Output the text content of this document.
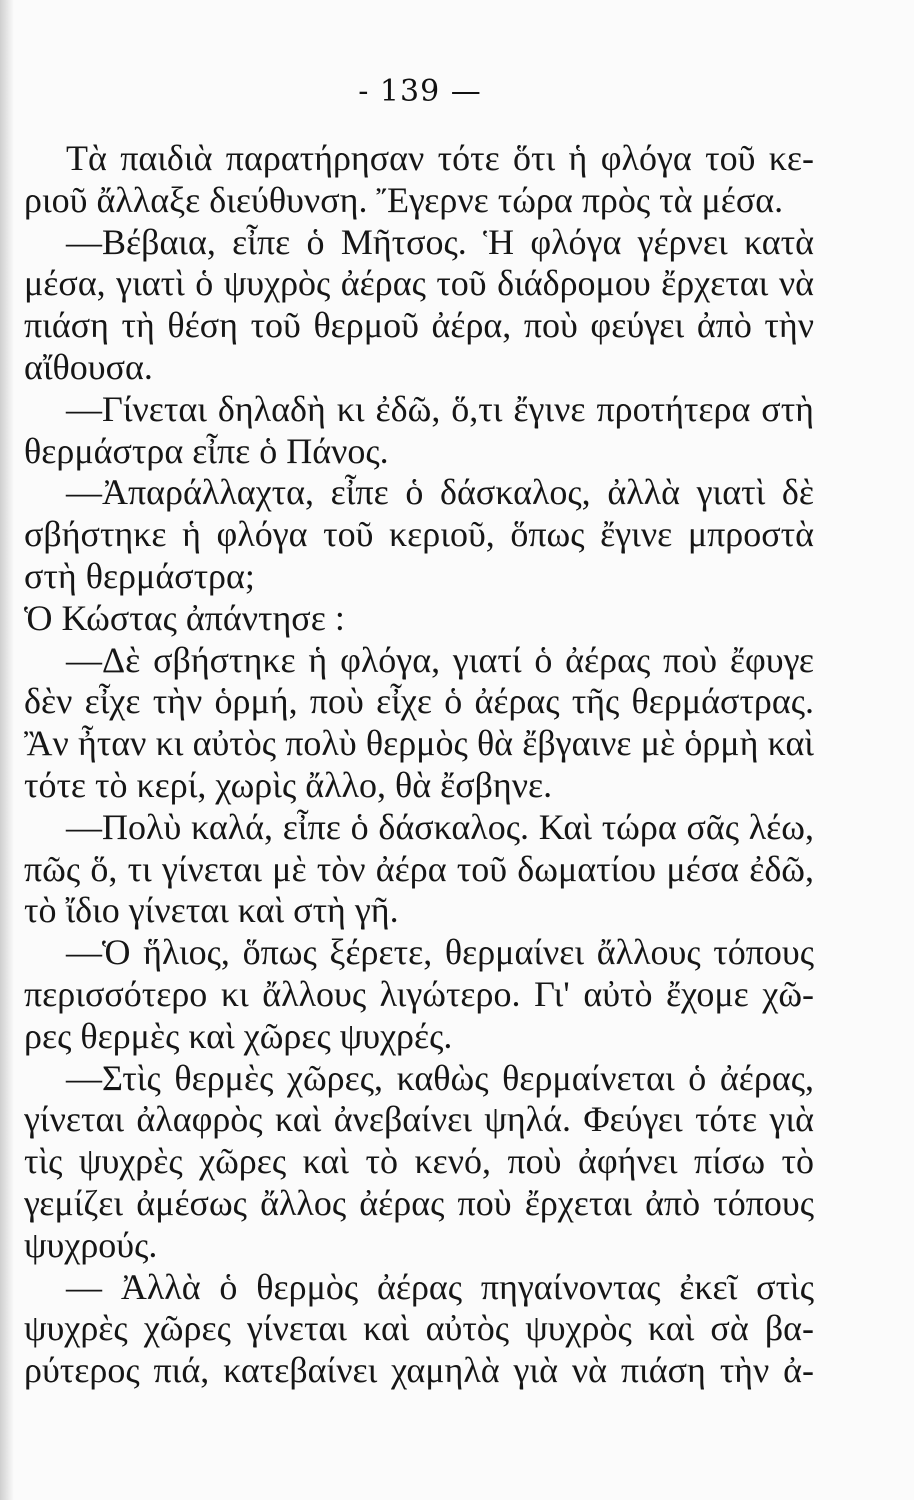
- 139 —
Τὰ παιδιὰ παρατήρησαν τότε ὅτι ἡ φλόγα τοῦ κε-
ριοῦ ἄλλαξε διεύθυνση. Ἔγερνε τώρα πρὸς τὰ μέσα.
—Βέβαια, εἶπε ὁ Μῆτσος. Ἡ φλόγα γέρνει κατὰ
μέσα, γιατὶ ὁ ψυχρὸς ἀέρας τοῦ διάδρομου ἔρχεται νὰ
πιάση τὴ θέση τοῦ θερμοῦ ἀέρα, ποὺ φεύγει ἀπὸ τὴν
αἴθουσα.
—Γίνεται δηλαδὴ κι ἐδῶ, ὅ,τι ἔγινε προτήτερα στὴ
θερμάστρα εἶπε ὁ Πάνος.
—Ἀπαράλλαχτα, εἶπε ὁ δάσκαλος, ἀλλὰ γιατὶ δὲ
σβήστηκε ἡ φλόγα τοῦ κεριοῦ, ὅπως ἔγινε μπροστὰ
στὴ θερμάστρα;
Ὁ Κώστας ἀπάντησε :
—Δὲ σβήστηκε ἡ φλόγα, γιατί ὁ ἀέρας ποὺ ἔφυγε
δὲν εἶχε τὴν ὁρμή, ποὺ εἶχε ὁ ἀέρας τῆς θερμάστρας.
Ἂν ἦταν κι αὐτὸς πολὺ θερμὸς θὰ ἔβγαινε μὲ ὁρμὴ καὶ
τότε τὸ κερί, χωρὶς ἄλλο, θὰ ἔσβηνε.
—Πολὺ καλά, εἶπε ὁ δάσκαλος. Καὶ τώρα σᾶς λέω,
πῶς ὅ, τι γίνεται μὲ τὸν ἀέρα τοῦ δωματίου μέσα ἐδῶ,
τὸ ἴδιο γίνεται καὶ στὴ γῆ.
—Ὁ ἥλιος, ὅπως ξέρετε, θερμαίνει ἄλλους τόπους
περισσότερο κι ἄλλους λιγώτερο. Γι' αὐτὸ ἔχομε χῶ-
ρες θερμὲς καὶ χῶρες ψυχρές.
—Στὶς θερμὲς χῶρες, καθὼς θερμαίνεται ὁ ἀέρας,
γίνεται ἀλαφρὸς καὶ ἀνεβαίνει ψηλά. Φεύγει τότε γιὰ
τὶς ψυχρὲς χῶρες καὶ τὸ κενό, ποὺ ἀφήνει πίσω τὸ
γεμίζει ἀμέσως ἄλλος ἀέρας ποὺ ἔρχεται ἀπὸ τόπους
ψυχρούς.
— Ἀλλὰ ὁ θερμὸς ἀέρας πηγαίνοντας ἐκεῖ στὶς
ψυχρὲς χῶρες γίνεται καὶ αὐτὸς ψυχρὸς καὶ σὰ βα-
ρύτερος πιά, κατεβαίνει χαμηλὰ γιὰ νὰ πιάση τὴν ἀ-
